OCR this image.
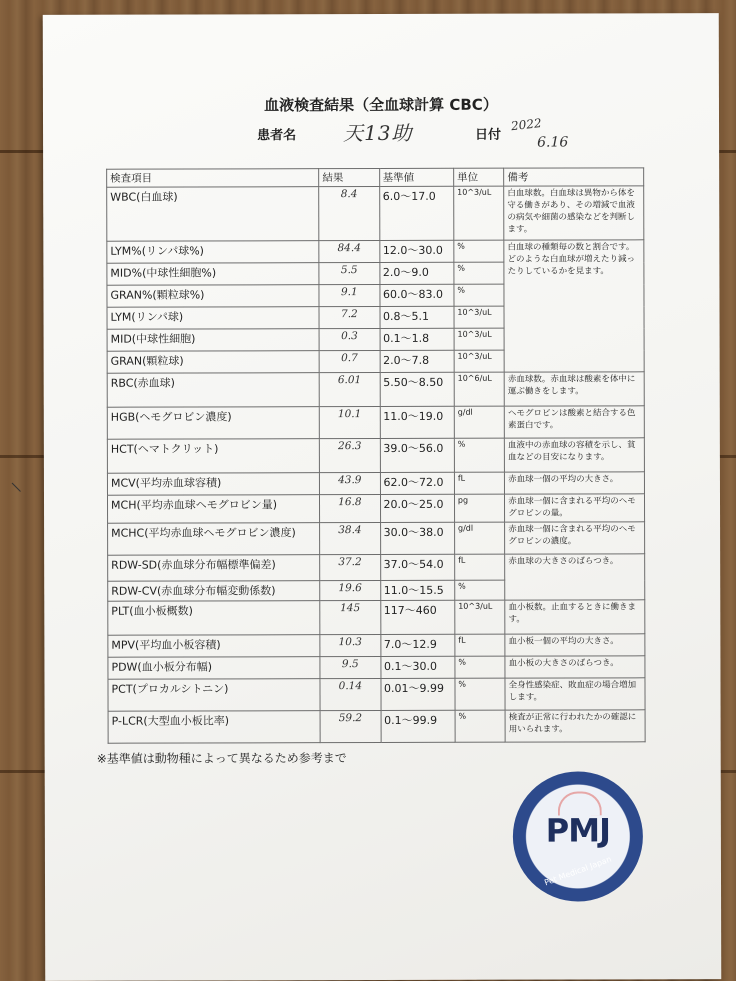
血液検査結果（全血球計算 CBC）
患者名 天13助	日付
2022
6.16
検査項目	結果	基準値	単位	備考
WBC(白血球)	8.4	6.0～17.0	10^3/uL	白血球数。白血球は異物から体を守る働きがあり、その増減で血液の病気や細菌の感染などを判断します。
LYM%(リンパ球%)	84.4	12.0～30.0	%	白血球の種類毎の数と割合です。どのような白血球が増えたり減ったりしているかを見ます。
MID%(中球性細胞%)	5.5	2.0～9.0	%	
GRAN%(顆粒球%)	9.1	60.0～83.0	%	
LYM(リンパ球)	7.2	0.8～5.1	10^3/uL	
MID(中球性細胞)	0.3	0.1～1.8	10^3/uL	
GRAN(顆粒球)	0.7	2.0～7.8	10^3/uL	
RBC(赤血球)	6.01	5.50～8.50	10^6/uL	赤血球数。赤血球は酸素を体中に運ぶ働きをします。
HGB(ヘモグロビン濃度)	10.1	11.0～19.0	g/dl	ヘモグロビンは酸素と結合する色素蛋白です。
HCT(ヘマトクリット)	26.3	39.0～56.0	%	血液中の赤血球の容積を示し、貧血などの目安になります。
MCV(平均赤血球容積)	43.9	62.0～72.0	fL	赤血球一個の平均の大きさ。
MCH(平均赤血球ヘモグロビン量)	16.8	20.0～25.0	pg	赤血球一個に含まれる平均のヘモグロビンの量。
MCHC(平均赤血球ヘモグロビン濃度)	38.4	30.0～38.0	g/dl	赤血球一個に含まれる平均のヘモグロビンの濃度。
RDW-SD(赤血球分布幅標準偏差)	37.2	37.0～54.0	fL	赤血球の大きさのばらつき。
RDW-CV(赤血球分布幅変動係数)	19.6	11.0～15.5	%	
PLT(血小板概数)	145	117～460	10^3/uL	血小板数。止血するときに働きます。
MPV(平均血小板容積)	10.3	7.0～12.9	fL	血小板一個の平均の大きさ。
PDW(血小板分布幅)	9.5	0.1～30.0	%	血小板の大きさのばらつき。
PCT(プロカルシトニン)	0.14	0.01～9.99	%	全身性感染症、敗血症の場合増加します。
P-LCR(大型血小板比率)	59.2	0.1～99.9	%	検査が正常に行われたかの確認に用いられます。
※基準値は動物種によって異なるため参考まで
PMJ
Pet Medical Japan
